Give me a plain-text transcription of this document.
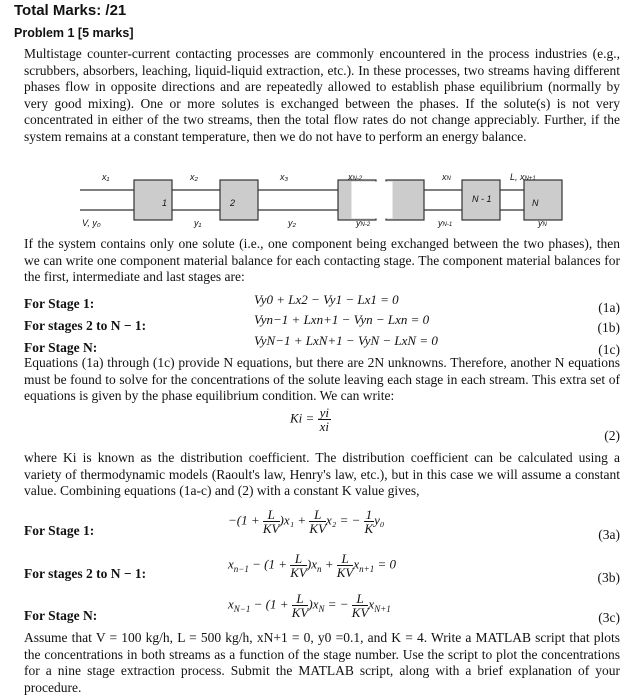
Total Marks: /21
Problem 1 [5 marks]
Multistage counter-current contacting processes are commonly encountered in the process industries (e.g., scrubbers, absorbers, leaching, liquid-liquid extraction, etc.). In these processes, two streams having different phases flow in opposite directions and are repeatedly allowed to establish phase equilibrium (normally by very good mixing). One or more solutes is exchanged between the phases. If the solute(s) is not very concentrated in either of the two streams, then the total flow rates do not change appreciably. Further, if the system remains at a constant temperature, then we do not have to perform an energy balance.
1	2	N - 1	N
x₁	x₂	x₃	xN-2	xN	L, xN+1
V, y₀	y₁	y₂	yN-2	yN-1	yN
If the system contains only one solute (i.e., one component being exchanged between the two phases), then we can write one component material balance for each contacting stage. The component material balances for the first, intermediate and last stages are:
For Stage 1:	Vy0 + Lx2 − Vy1 − Lx1 = 0
(1a)
For stages 2 to N − 1:	Vyn−1 + Lxn+1 − Vyn − Lxn = 0
(1b)
For Stage N:	VyN−1 + LxN+1 − VyN − LxN = 0
(1c)
Equations (1a) through (1c) provide N equations, but there are 2N unknowns. Therefore, another N equations must be found to solve for the concentrations of the solute leaving each stage in each stream. This extra set of equations is given by the phase equilibrium condition. We can write:
$Ki = \frac{yi}{xi}$
(2)
where Ki is known as the distribution coefficient. The distribution coefficient can be calculated using a variety of thermodynamic models (Raoult's law, Henry's law, etc.), but in this case we will assume a constant value. Combining equations (1a-c) and (2) with a constant K value gives,
For Stage 1:
$-(1 + \frac{L}{KV} )x_1 + \frac{L}{KV} x_2$ = − $\frac{1}{K} y_0$
(3a)
For stages 2 to N − 1:
$x_{n-1} - (1 + \frac{L}{KV} )x_n + \frac{L}{KV} x_{n+1} = 0$
(3b)
For Stage N:
$x_{N-1} - (1 + \frac{L}{KV} )x_N$ = − $\frac{L}{KV} x_{N+1}$
(3c)
Assume that V = 100 kg/h, L = 500 kg/h, xN+1 = 0, y0 =0.1, and K = 4. Write a MATLAB script that plots the concentrations in both streams as a function of the stage number. Use the script to plot the concentrations for a nine stage extraction process. Submit the MATLAB script, along with a brief explanation of your procedure.
